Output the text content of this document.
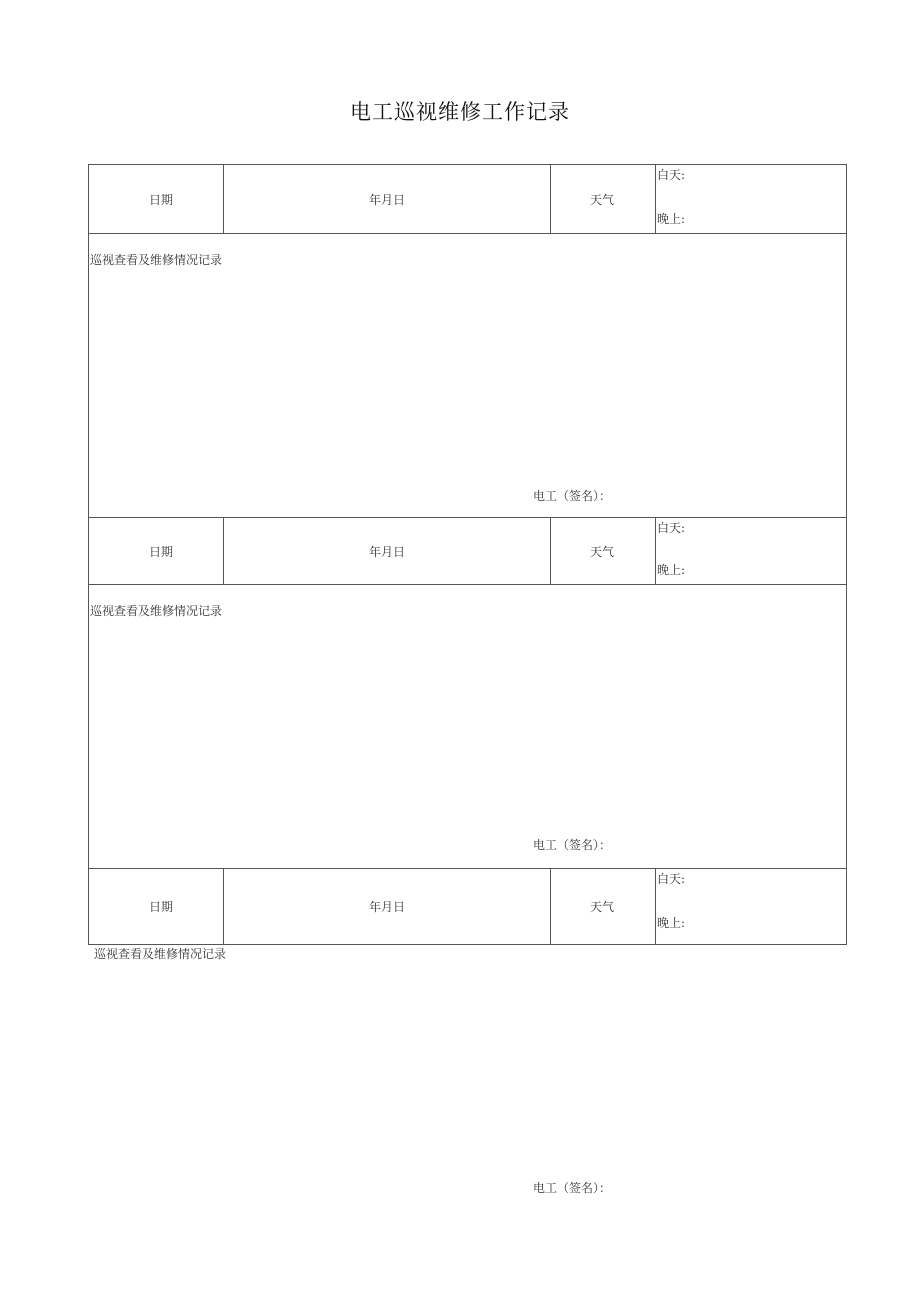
电工巡视维修工作记录
日期	年月日	天气
白天:
晚上:
巡视查看及维修情况记录
电工（签名）：
日期	年月日	天气
白天:
晚上:
巡视查看及维修情况记录
电工（签名）：
日期	年月日	天气
白天:
晚上:
巡视查看及维修情况记录
电工（签名）：
